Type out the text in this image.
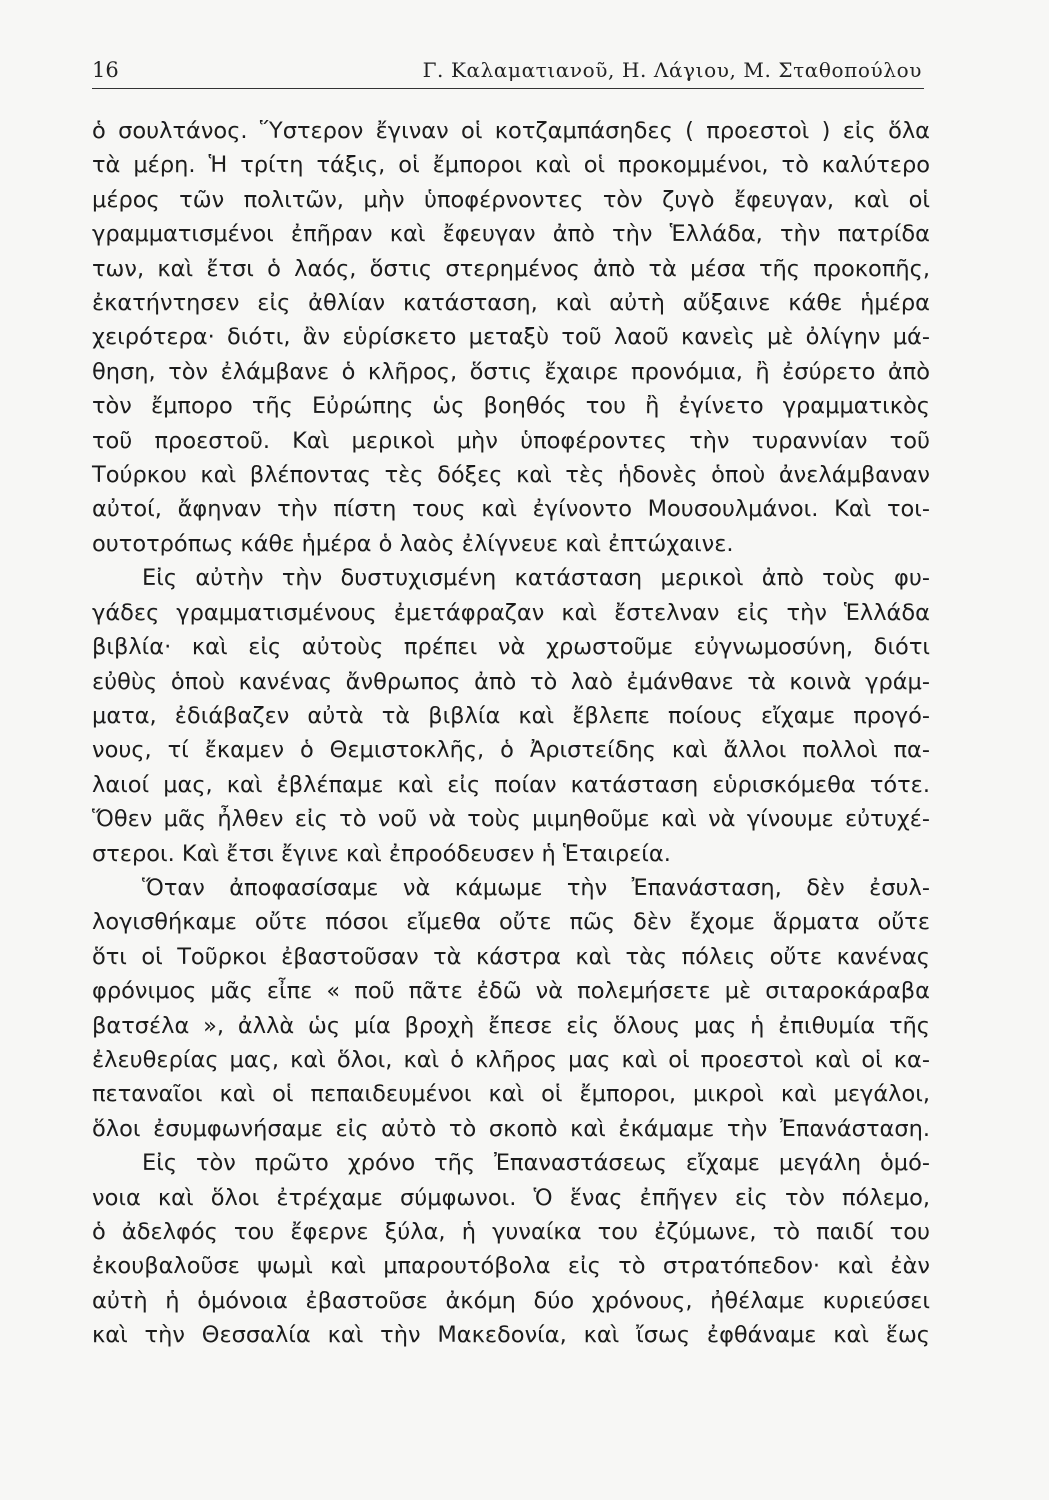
16	Γ. Καλαματιανοῦ, Η. Λάγιου, Μ. Σταθοπούλου
ὁ σουλτάνος. Ὕστερον ἔγιναν οἱ κοτζαμπάσηδες ( προεστοὶ ) εἰς ὅλα
τὰ μέρη. Ἡ τρίτη τάξις, οἱ ἔμποροι καὶ οἱ προκομμένοι, τὸ καλύτερο
μέρος τῶν πολιτῶν, μὴν ὑποφέρνοντες τὸν ζυγὸ ἔφευγαν, καὶ οἱ
γραμματισμένοι ἐπῆραν καὶ ἔφευγαν ἀπὸ τὴν Ἑλλάδα, τὴν πατρίδα
των, καὶ ἔτσι ὁ λαός, ὅστις στερημένος ἀπὸ τὰ μέσα τῆς προκοπῆς,
ἐκατήντησεν εἰς ἀθλίαν κατάσταση, καὶ αὐτὴ αὔξαινε κάθε ἡμέρα
χειρότερα· διότι, ἂν εὑρίσκετο μεταξὺ τοῦ λαοῦ κανεὶς μὲ ὀλίγην μά-
θηση, τὸν ἐλάμβανε ὁ κλῆρος, ὅστις ἔχαιρε προνόμια, ἢ ἐσύρετο ἀπὸ
τὸν ἔμπορο τῆς Εὐρώπης ὡς βοηθός του ἢ ἐγίνετο γραμματικὸς
τοῦ προεστοῦ. Καὶ μερικοὶ μὴν ὑποφέροντες τὴν τυραννίαν τοῦ
Τούρκου καὶ βλέποντας τὲς δόξες καὶ τὲς ἡδονὲς ὁποὺ ἀνελάμβαναν
αὐτοί, ἄφηναν τὴν πίστη τους καὶ ἐγίνοντο Μουσουλμάνοι. Καὶ τοι-
ουτοτρόπως κάθε ἡμέρα ὁ λαὸς ἐλίγνευε καὶ ἐπτώχαινε.
Εἰς αὐτὴν τὴν δυστυχισμένη κατάσταση μερικοὶ ἀπὸ τοὺς φυ-
γάδες γραμματισμένους ἐμετάφραζαν καὶ ἔστελναν εἰς τὴν Ἑλλάδα
βιβλία· καὶ εἰς αὐτοὺς πρέπει νὰ χρωστοῦμε εὐγνωμοσύνη, διότι
εὐθὺς ὁποὺ κανένας ἄνθρωπος ἀπὸ τὸ λαὸ ἐμάνθανε τὰ κοινὰ γράμ-
ματα, ἐδιάβαζεν αὐτὰ τὰ βιβλία καὶ ἔβλεπε ποίους εἴχαμε προγό-
νους, τί ἔκαμεν ὁ Θεμιστοκλῆς, ὁ Ἀριστείδης καὶ ἄλλοι πολλοὶ πα-
λαιοί μας, καὶ ἐβλέπαμε καὶ εἰς ποίαν κατάσταση εὑρισκόμεθα τότε.
Ὅθεν μᾶς ἦλθεν εἰς τὸ νοῦ νὰ τοὺς μιμηθοῦμε καὶ νὰ γίνουμε εὐτυχέ-
στεροι. Καὶ ἔτσι ἔγινε καὶ ἐπροόδευσεν ἡ Ἑταιρεία.
Ὅταν ἀποφασίσαμε νὰ κάμωμε τὴν Ἐπανάσταση, δὲν ἐσυλ-
λογισθήκαμε οὔτε πόσοι εἴμεθα οὔτε πῶς δὲν ἔχομε ἅρματα οὔτε
ὅτι οἱ Τοῦρκοι ἐβαστοῦσαν τὰ κάστρα καὶ τὰς πόλεις οὔτε κανένας
φρόνιμος μᾶς εἶπε « ποῦ πᾶτε ἐδῶ νὰ πολεμήσετε μὲ σιταροκάραβα
βατσέλα », ἀλλὰ ὡς μία βροχὴ ἔπεσε εἰς ὅλους μας ἡ ἐπιθυμία τῆς
ἐλευθερίας μας, καὶ ὅλοι, καὶ ὁ κλῆρος μας καὶ οἱ προεστοὶ καὶ οἱ κα-
πεταναῖοι καὶ οἱ πεπαιδευμένοι καὶ οἱ ἔμποροι, μικροὶ καὶ μεγάλοι,
ὅλοι ἐσυμφωνήσαμε εἰς αὐτὸ τὸ σκοπὸ καὶ ἐκάμαμε τὴν Ἐπανάσταση.
Εἰς τὸν πρῶτο χρόνο τῆς Ἐπαναστάσεως εἴχαμε μεγάλη ὁμό-
νοια καὶ ὅλοι ἐτρέχαμε σύμφωνοι. Ὁ ἕνας ἐπῆγεν εἰς τὸν πόλεμο,
ὁ ἀδελφός του ἔφερνε ξύλα, ἡ γυναίκα του ἐζύμωνε, τὸ παιδί του
ἐκουβαλοῦσε ψωμὶ καὶ μπαρουτόβολα εἰς τὸ στρατόπεδον· καὶ ἐὰν
αὐτὴ ἡ ὁμόνοια ἐβαστοῦσε ἀκόμη δύο χρόνους, ἠθέλαμε κυριεύσει
καὶ τὴν Θεσσαλία καὶ τὴν Μακεδονία, καὶ ἴσως ἐφθάναμε καὶ ἕως
